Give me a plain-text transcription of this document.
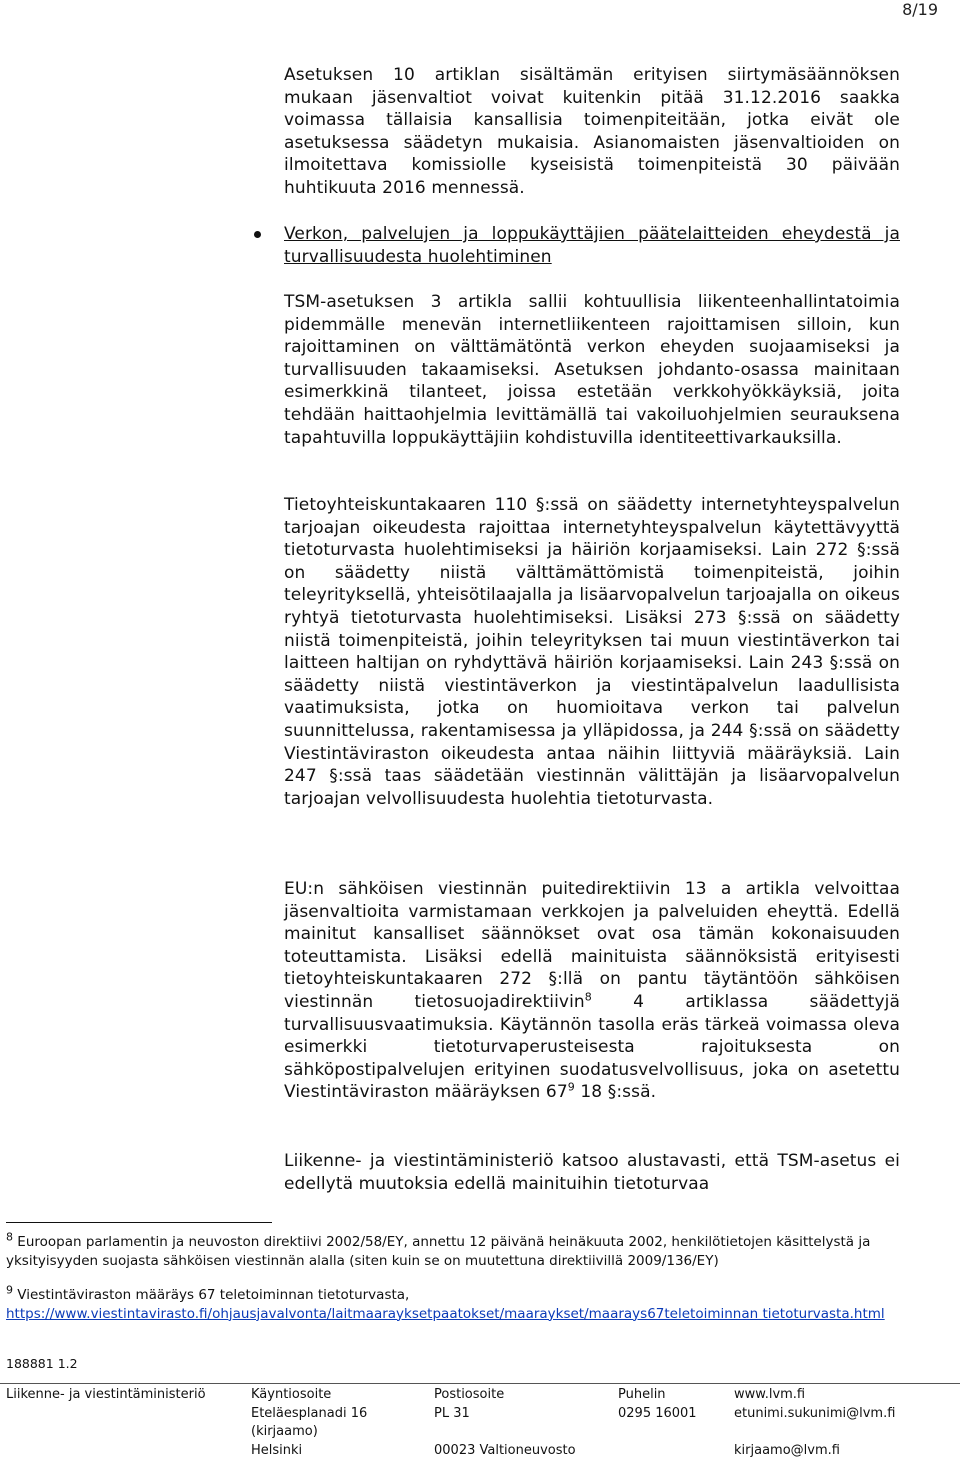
8/19
Asetuksen 10 artiklan sisältämän erityisen siirtymäsäännöksen mukaan jäsenvaltiot voivat kuitenkin pitää 31.12.2016 saakka voimassa tällaisia kansallisia toimenpiteitään, jotka eivät ole asetuksessa säädetyn mukaisia. Asianomaisten jäsenvaltioiden on ilmoitettava komissiolle kyseisistä toimenpiteistä 30 päivään huhtikuuta 2016 mennessä.
Verkon, palvelujen ja loppukäyttäjien päätelaitteiden eheydestä ja turvallisuudesta huolehtiminen
TSM-asetuksen 3 artikla sallii kohtuullisia liikenteenhallintatoimia pidemmälle menevän internetliikenteen rajoittamisen silloin, kun rajoittaminen on välttämätöntä verkon eheyden suojaamiseksi ja turvallisuuden takaamiseksi. Asetuksen johdanto-osassa mainitaan esimerkkinä tilanteet, joissa estetään verkkohyökkäyksiä, joita tehdään haittaohjelmia levittämällä tai vakoiluohjelmien seurauksena tapahtuvilla loppukäyttäjiin kohdistuvilla identiteettivarkauksilla.
Tietoyhteiskuntakaaren 110 §:ssä on säädetty internetyhteyspalvelun tarjoajan oikeudesta rajoittaa internetyhteyspalvelun käytettävyyttä tietoturvasta huolehtimiseksi ja häiriön korjaamiseksi. Lain 272 §:ssä on säädetty niistä välttämättömistä toimenpiteistä, joihin teleyrityksellä, yhteisötilaajalla ja lisäarvopalvelun tarjoajalla on oikeus ryhtyä tietoturvasta huolehtimiseksi. Lisäksi 273 §:ssä on säädetty niistä toimenpiteistä, joihin teleyrityksen tai muun viestintäverkon tai laitteen haltijan on ryhdyttävä häiriön korjaamiseksi. Lain 243 §:ssä on säädetty niistä viestintäverkon ja viestintäpalvelun laadullisista vaatimuksista, jotka on huomioitava verkon tai palvelun suunnittelussa, rakentamisessa ja ylläpidossa, ja 244 §:ssä on säädetty Viestintäviraston oikeudesta antaa näihin liittyviä määräyksiä. Lain 247 §:ssä taas säädetään viestinnän välittäjän ja lisäarvopalvelun tarjoajan velvollisuudesta huolehtia tietoturvasta.
EU:n sähköisen viestinnän puitedirektiivin 13 a artikla velvoittaa jäsenvaltioita varmistamaan verkkojen ja palveluiden eheyttä. Edellä mainitut kansalliset säännökset ovat osa tämän kokonaisuuden toteuttamista. Lisäksi edellä mainituista säännöksistä erityisesti tietoyhteiskuntakaaren 272 §:llä on pantu täytäntöön sähköisen viestinnän tietosuojadirektiivin$^8$ 4 artiklassa säädettyjä turvallisuusvaatimuksia. Käytännön tasolla eräs tärkeä voimassa oleva esimerkki tietoturvaperusteisesta rajoituksesta on sähköpostipalvelujen erityinen suodatusvelvollisuus, joka on asetettu Viestintäviraston määräyksen $67^9$ 18 §:ssä.
Liikenne- ja viestintäministeriö katsoo alustavasti, että TSM-asetus ei edellytä muutoksia edellä mainituihin tietoturvaa
$^8$ Euroopan parlamentin ja neuvoston direktiivi 2002/58/EY, annettu 12 päivänä heinäkuuta 2002, henkilötietojen käsittelystä ja yksityisyyden suojasta sähköisen viestinnän alalla (siten kuin se on muutettuna direktiivillä 2009/136/EY)
$^9$ Viestintäviraston määräys 67 teletoiminnan tietoturvasta,
https://www.viestintavirasto.fi/ohjausjavalvonta/laitmaarayksetpaatokset/maaraykset/maarays67teletoiminnan tietoturvasta.html
188881 1.2
Liikenne- ja viestintäministeriö	Käyntiosoite
Eteläesplanadi 16
(kirjaamo)
Helsinki
Postiosoite
PL 31
00023 Valtioneuvosto
Puhelin
0295 16001
www.lvm.fi
etunimi.sukunimi@lvm.fi
kirjaamo@lvm.fi
